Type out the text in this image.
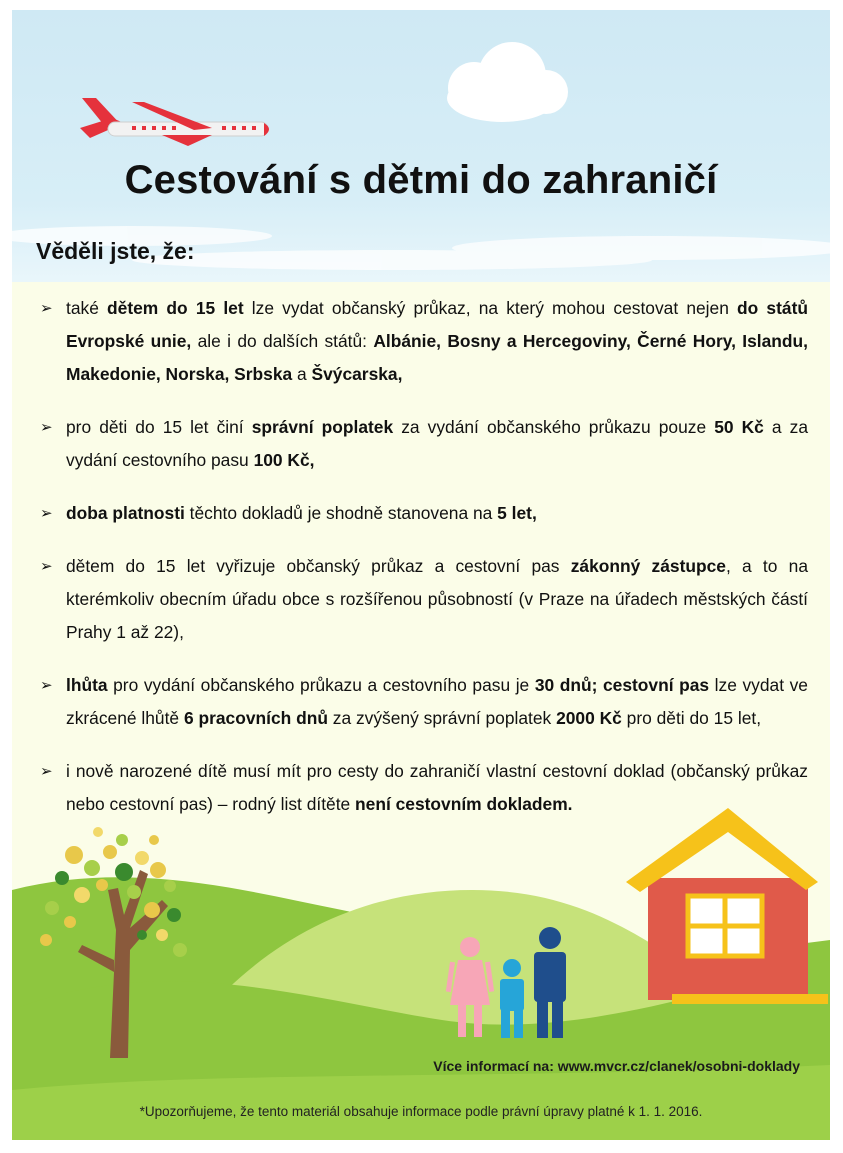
Cestování s dětmi do zahraničí
Věděli jste, že:
➢ také dětem do 15 let lze vydat občanský průkaz, na který mohou cestovat nejen do států Evropské unie, ale i do dalších států: Albánie, Bosny a Hercegoviny, Černé Hory, Islandu, Makedonie, Norska, Srbska a Švýcarska,
➢ pro děti do 15 let činí správní poplatek za vydání občanského průkazu pouze 50 Kč a za vydání cestovního pasu 100 Kč,
➢ doba platnosti těchto dokladů je shodně stanovena na 5 let,
➢ dětem do 15 let vyřizuje občanský průkaz a cestovní pas zákonný zástupce, a to na kterémkoliv obecním úřadu obce s rozšířenou působností (v Praze na úřadech městských částí Prahy 1 až 22),
➢ lhůta pro vydání občanského průkazu a cestovního pasu je 30 dnů; cestovní pas lze vydat ve zkrácené lhůtě 6 pracovních dnů za zvýšený správní poplatek 2000 Kč pro děti do 15 let,
➢ i nově narozené dítě musí mít pro cesty do zahraničí vlastní cestovní doklad (občanský průkaz nebo cestovní pas) – rodný list dítěte není cestovním dokladem.
Více informací na: www.mvcr.cz/clanek/osobni-doklady
*Upozorňujeme, že tento materiál obsahuje informace podle právní úpravy platné k 1. 1. 2016.
